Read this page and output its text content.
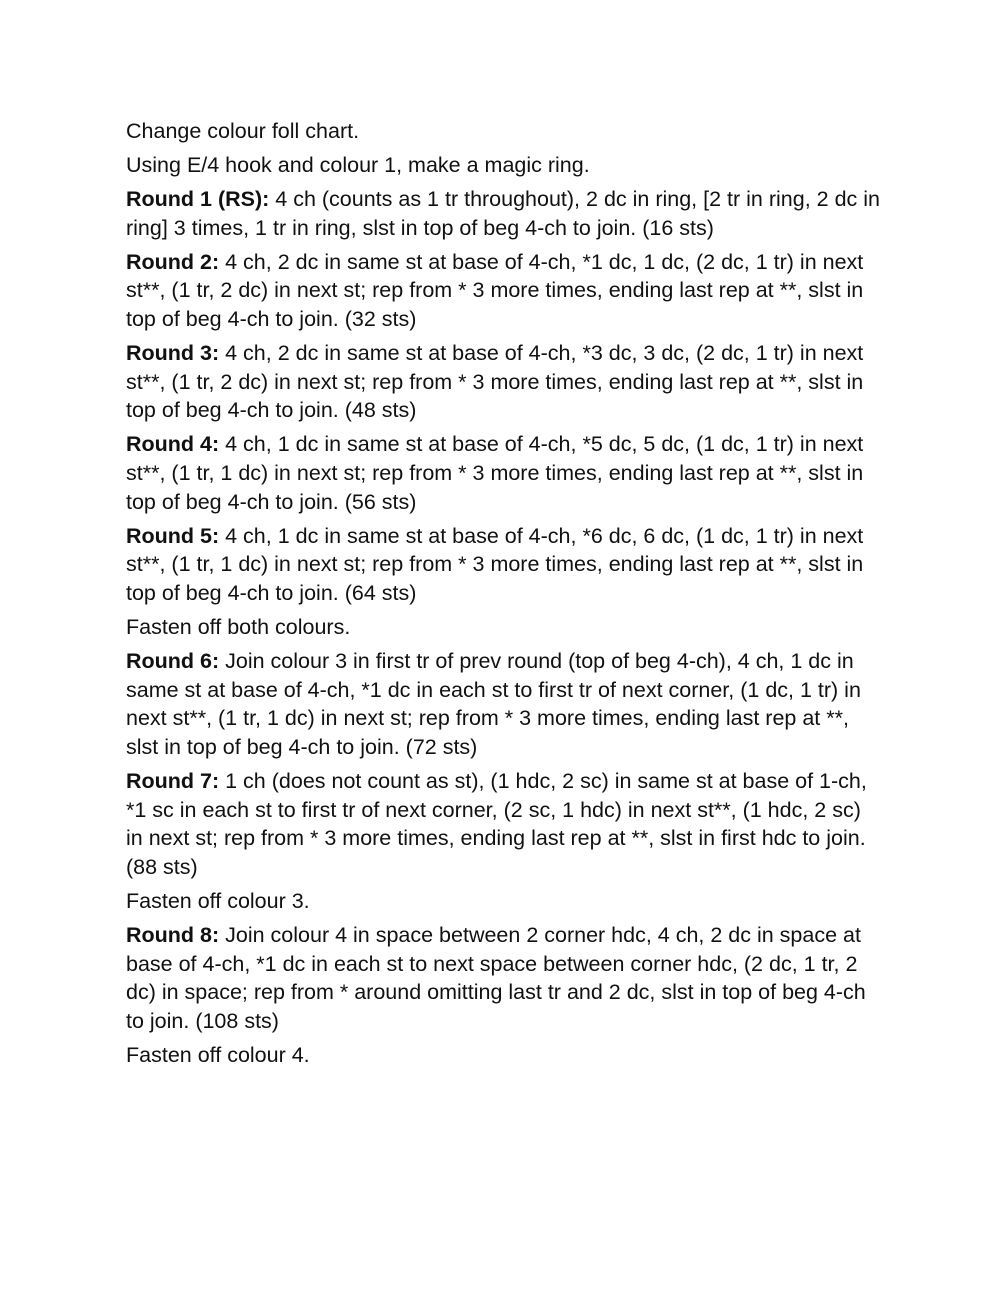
Change colour foll chart.

Using E/4 hook and colour 1, make a magic ring.

Round 1 (RS): 4 ch (counts as 1 tr throughout), 2 dc in ring, [2 tr in ring, 2 dc in ring] 3 times, 1 tr in ring, slst in top of beg 4-ch to join. (16 sts)

Round 2: 4 ch, 2 dc in same st at base of 4-ch, *1 dc, 1 dc, (2 dc, 1 tr) in next st**, (1 tr, 2 dc) in next st; rep from * 3 more times, ending last rep at **, slst in top of beg 4-ch to join. (32 sts)

Round 3: 4 ch, 2 dc in same st at base of 4-ch, *3 dc, 3 dc, (2 dc, 1 tr) in next st**, (1 tr, 2 dc) in next st; rep from * 3 more times, ending last rep at **, slst in top of beg 4-ch to join. (48 sts)

Round 4: 4 ch, 1 dc in same st at base of 4-ch, *5 dc, 5 dc, (1 dc, 1 tr) in next st**, (1 tr, 1 dc) in next st; rep from * 3 more times, ending last rep at **, slst in top of beg 4-ch to join. (56 sts)

Round 5: 4 ch, 1 dc in same st at base of 4-ch, *6 dc, 6 dc, (1 dc, 1 tr) in next st**, (1 tr, 1 dc) in next st; rep from * 3 more times, ending last rep at **, slst in top of beg 4-ch to join. (64 sts)

Fasten off both colours.

Round 6: Join colour 3 in first tr of prev round (top of beg 4-ch), 4 ch, 1 dc in same st at base of 4-ch, *1 dc in each st to first tr of next corner, (1 dc, 1 tr) in next st**, (1 tr, 1 dc) in next st; rep from * 3 more times, ending last rep at **, slst in top of beg 4-ch to join. (72 sts)

Round 7: 1 ch (does not count as st), (1 hdc, 2 sc) in same st at base of 1-ch, *1 sc in each st to first tr of next corner, (2 sc, 1 hdc) in next st**, (1 hdc, 2 sc) in next st; rep from * 3 more times, ending last rep at **, slst in first hdc to join. (88 sts)

Fasten off colour 3.

Round 8: Join colour 4 in space between 2 corner hdc, 4 ch, 2 dc in space at base of 4-ch, *1 dc in each st to next space between corner hdc, (2 dc, 1 tr, 2 dc) in space; rep from * around omitting last tr and 2 dc, slst in top of beg 4-ch to join. (108 sts)

Fasten off colour 4.
